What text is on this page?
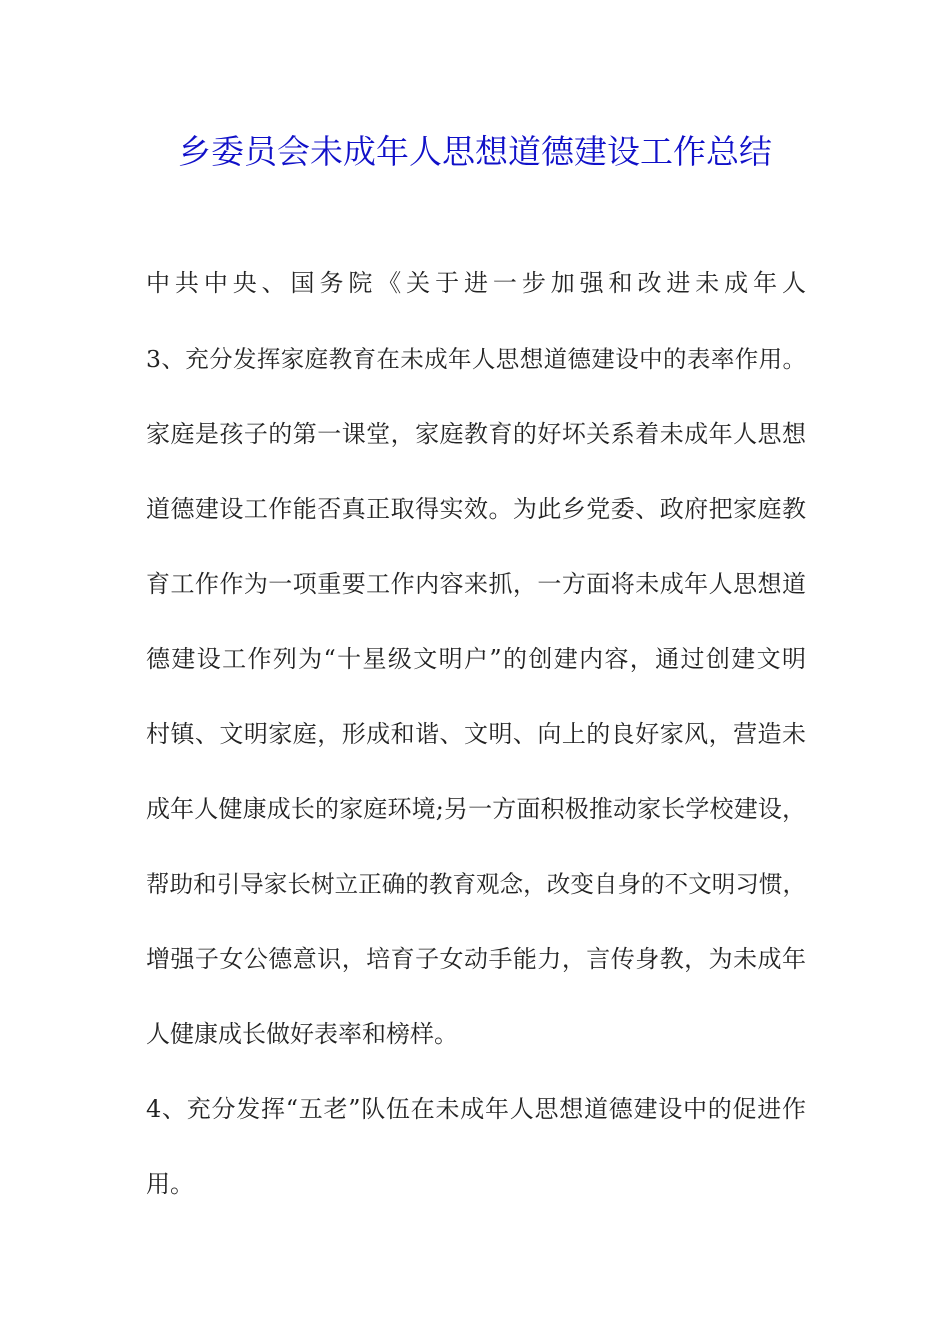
乡委员会未成年人思想道德建设工作总结

中共中央、国务院《关于进一步加强和改进未成年人

3、充分发挥家庭教育在未成年人思想道德建设中的表率作用。

家庭是孩子的第一课堂，家庭教育的好坏关系着未成年人思想

道德建设工作能否真正取得实效。为此乡党委、政府把家庭教

育工作作为一项重要工作内容来抓，一方面将未成年人思想道

德建设工作列为“十星级文明户”的创建内容，通过创建文明

村镇、文明家庭，形成和谐、文明、向上的良好家风，营造未

成年人健康成长的家庭环境;另一方面积极推动家长学校建设，

帮助和引导家长树立正确的教育观念，改变自身的不文明习惯，

增强子女公德意识，培育子女动手能力，言传身教，为未成年

人健康成长做好表率和榜样。

4、充分发挥“五老”队伍在未成年人思想道德建设中的促进作

用。
